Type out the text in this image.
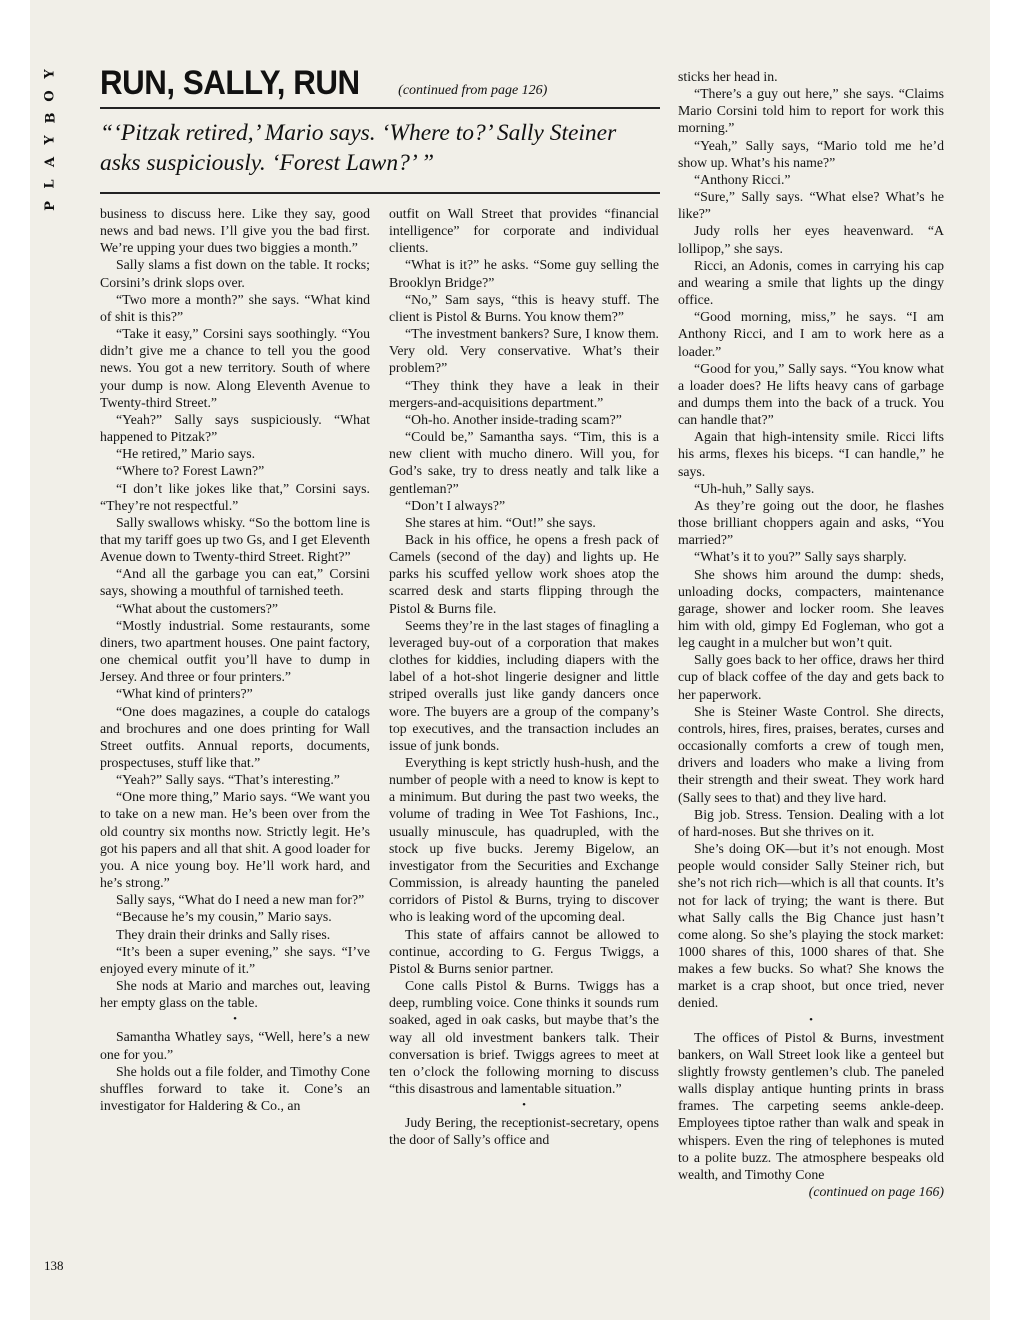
Y
O
B
Y
A
L
P
RUN, SALLY, RUN	(continued from page 126)
“‘Pitzak retired,’ Mario says. ‘Where to?’ Sally Steiner asks suspiciously. ‘Forest Lawn?’ ”

business to discuss here. Like they say, good news and bad news. I’ll give you the bad first. We’re upping your dues two biggies a month.”

Sally slams a fist down on the table. It rocks; Corsini’s drink slops over.

“Two more a month?” she says. “What kind of shit is this?”

“Take it easy,” Corsini says soothingly. “You didn’t give me a chance to tell you the good news. You got a new territory. South of where your dump is now. Along Eleventh Avenue to Twenty-third Street.”

“Yeah?” Sally says suspiciously. “What happened to Pitzak?”

“He retired,” Mario says.

“Where to? Forest Lawn?”

“I don’t like jokes like that,” Corsini says. “They’re not respectful.”

Sally swallows whisky. “So the bottom line is that my tariff goes up two Gs, and I get Eleventh Avenue down to Twenty-third Street. Right?”

“And all the garbage you can eat,” Corsini says, showing a mouthful of tarnished teeth.

“What about the customers?”

“Mostly industrial. Some restaurants, some diners, two apartment houses. One paint factory, one chemical outfit you’ll have to dump in Jersey. And three or four printers.”

“What kind of printers?”

“One does magazines, a couple do catalogs and brochures and one does printing for Wall Street outfits. Annual reports, documents, prospectuses, stuff like that.”

“Yeah?” Sally says. “That’s interesting.”

“One more thing,” Mario says. “We want you to take on a new man. He’s been over from the old country six months now. Strictly legit. He’s got his papers and all that shit. A good loader for you. A nice young boy. He’ll work hard, and he’s strong.”

Sally says, “What do I need a new man for?”

“Because he’s my cousin,” Mario says.

They drain their drinks and Sally rises.

“It’s been a super evening,” she says. “I’ve enjoyed every minute of it.”

She nods at Mario and marches out, leaving her empty glass on the table.

•

Samantha Whatley says, “Well, here’s a new one for you.”

She holds out a file folder, and Timothy Cone shuffles forward to take it. Cone’s an investigator for Haldering & Co., an

outfit on Wall Street that provides “financial intelligence” for corporate and individual clients.

“What is it?” he asks. “Some guy selling the Brooklyn Bridge?”

“No,” Sam says, “this is heavy stuff. The client is Pistol & Burns. You know them?”

“The investment bankers? Sure, I know them. Very old. Very conservative. What’s their problem?”

“They think they have a leak in their mergers-and-acquisitions department.”

“Oh-ho. Another inside-trading scam?”

“Could be,” Samantha says. “Tim, this is a new client with mucho dinero. Will you, for God’s sake, try to dress neatly and talk like a gentleman?”

“Don’t I always?”

She stares at him. “Out!” she says.

Back in his office, he opens a fresh pack of Camels (second of the day) and lights up. He parks his scuffed yellow work shoes atop the scarred desk and starts flipping through the Pistol & Burns file.

Seems they’re in the last stages of finagling a leveraged buy-out of a corporation that makes clothes for kiddies, including diapers with the label of a hot-shot lingerie designer and little striped overalls just like gandy dancers once wore. The buyers are a group of the company’s top executives, and the transaction includes an issue of junk bonds.

Everything is kept strictly hush-hush, and the number of people with a need to know is kept to a minimum. But during the past two weeks, the volume of trading in Wee Tot Fashions, Inc., usually minuscule, has quadrupled, with the stock up five bucks. Jeremy Bigelow, an investigator from the Securities and Exchange Commission, is already haunting the paneled corridors of Pistol & Burns, trying to discover who is leaking word of the upcoming deal.

This state of affairs cannot be allowed to continue, according to G. Fergus Twiggs, a Pistol & Burns senior partner.

Cone calls Pistol & Burns. Twiggs has a deep, rumbling voice. Cone thinks it sounds rum soaked, aged in oak casks, but maybe that’s the way all old investment bankers talk. Their conversation is brief. Twiggs agrees to meet at ten o’clock the following morning to discuss “this disastrous and lamentable situation.”

•

Judy Bering, the receptionist-secretary, opens the door of Sally’s office and

sticks her head in.

“There’s a guy out here,” she says. “Claims Mario Corsini told him to report for work this morning.”

“Yeah,” Sally says, “Mario told me he’d show up. What’s his name?”

“Anthony Ricci.”

“Sure,” Sally says. “What else? What’s he like?”

Judy rolls her eyes heavenward. “A lollipop,” she says.

Ricci, an Adonis, comes in carrying his cap and wearing a smile that lights up the dingy office.

“Good morning, miss,” he says. “I am Anthony Ricci, and I am to work here as a loader.”

“Good for you,” Sally says. “You know what a loader does? He lifts heavy cans of garbage and dumps them into the back of a truck. You can handle that?”

Again that high-intensity smile. Ricci lifts his arms, flexes his biceps. “I can handle,” he says.

“Uh-huh,” Sally says.

As they’re going out the door, he flashes those brilliant choppers again and asks, “You married?”

“What’s it to you?” Sally says sharply.

She shows him around the dump: sheds, unloading docks, compacters, maintenance garage, shower and locker room. She leaves him with old, gimpy Ed Fogleman, who got a leg caught in a mulcher but won’t quit.

Sally goes back to her office, draws her third cup of black coffee of the day and gets back to her paperwork.

She is Steiner Waste Control. She directs, controls, hires, fires, praises, berates, curses and occasionally comforts a crew of tough men, drivers and loaders who make a living from their strength and their sweat. They work hard (Sally sees to that) and they live hard.

Big job. Stress. Tension. Dealing with a lot of hard-noses. But she thrives on it.

She’s doing OK—but it’s not enough. Most people would consider Sally Steiner rich, but she’s not rich rich—which is all that counts. It’s not for lack of trying; the want is there. But what Sally calls the Big Chance just hasn’t come along. So she’s playing the stock market: 1000 shares of this, 1000 shares of that. She makes a few bucks. So what? She knows the market is a crap shoot, but once tried, never denied.

•

The offices of Pistol & Burns, investment bankers, on Wall Street look like a genteel but slightly frowsty gentlemen’s club. The paneled walls display antique hunting prints in brass frames. The carpeting seems ankle-deep. Employees tiptoe rather than walk and speak in whispers. Even the ring of telephones is muted to a polite buzz. The atmosphere bespeaks old wealth, and Timothy Cone

(continued on page 166)

138
